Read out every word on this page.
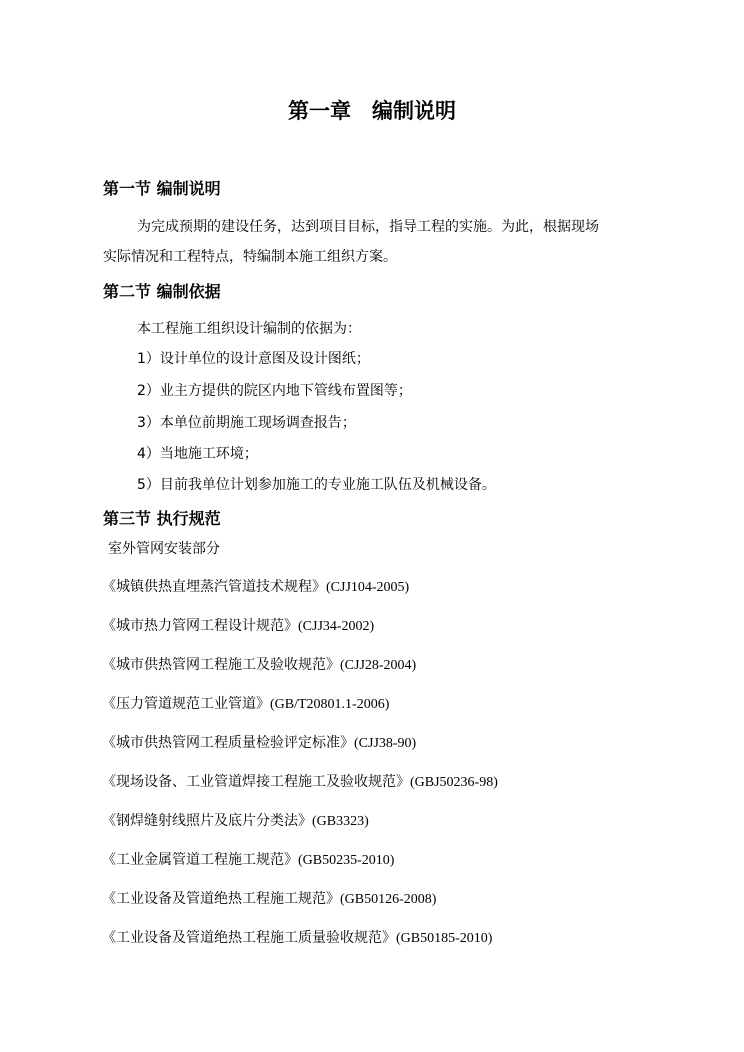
第一章　编制说明
第一节 编制说明
为完成预期的建设任务，达到项目目标，指导工程的实施。为此，根据现场
实际情况和工程特点，特编制本施工组织方案。
第二节 编制依据
本工程施工组织设计编制的依据为：
1）设计单位的设计意图及设计图纸；
2）业主方提供的院区内地下管线布置图等；
3）本单位前期施工现场调查报告；
4）当地施工环境；
5）目前我单位计划参加施工的专业施工队伍及机械设备。
第三节 执行规范
室外管网安装部分
《城镇供热直埋蒸汽管道技术规程》(CJJ104-2005)
《城市热力管网工程设计规范》(CJJ34-2002)
《城市供热管网工程施工及验收规范》(CJJ28-2004)
《压力管道规范工业管道》(GB/T20801.1-2006)
《城市供热管网工程质量检验评定标准》(CJJ38-90)
《现场设备、工业管道焊接工程施工及验收规范》(GBJ50236-98)
《钢焊缝射线照片及底片分类法》(GB3323)
《工业金属管道工程施工规范》(GB50235-2010)
《工业设备及管道绝热工程施工规范》(GB50126-2008)
《工业设备及管道绝热工程施工质量验收规范》(GB50185-2010)
